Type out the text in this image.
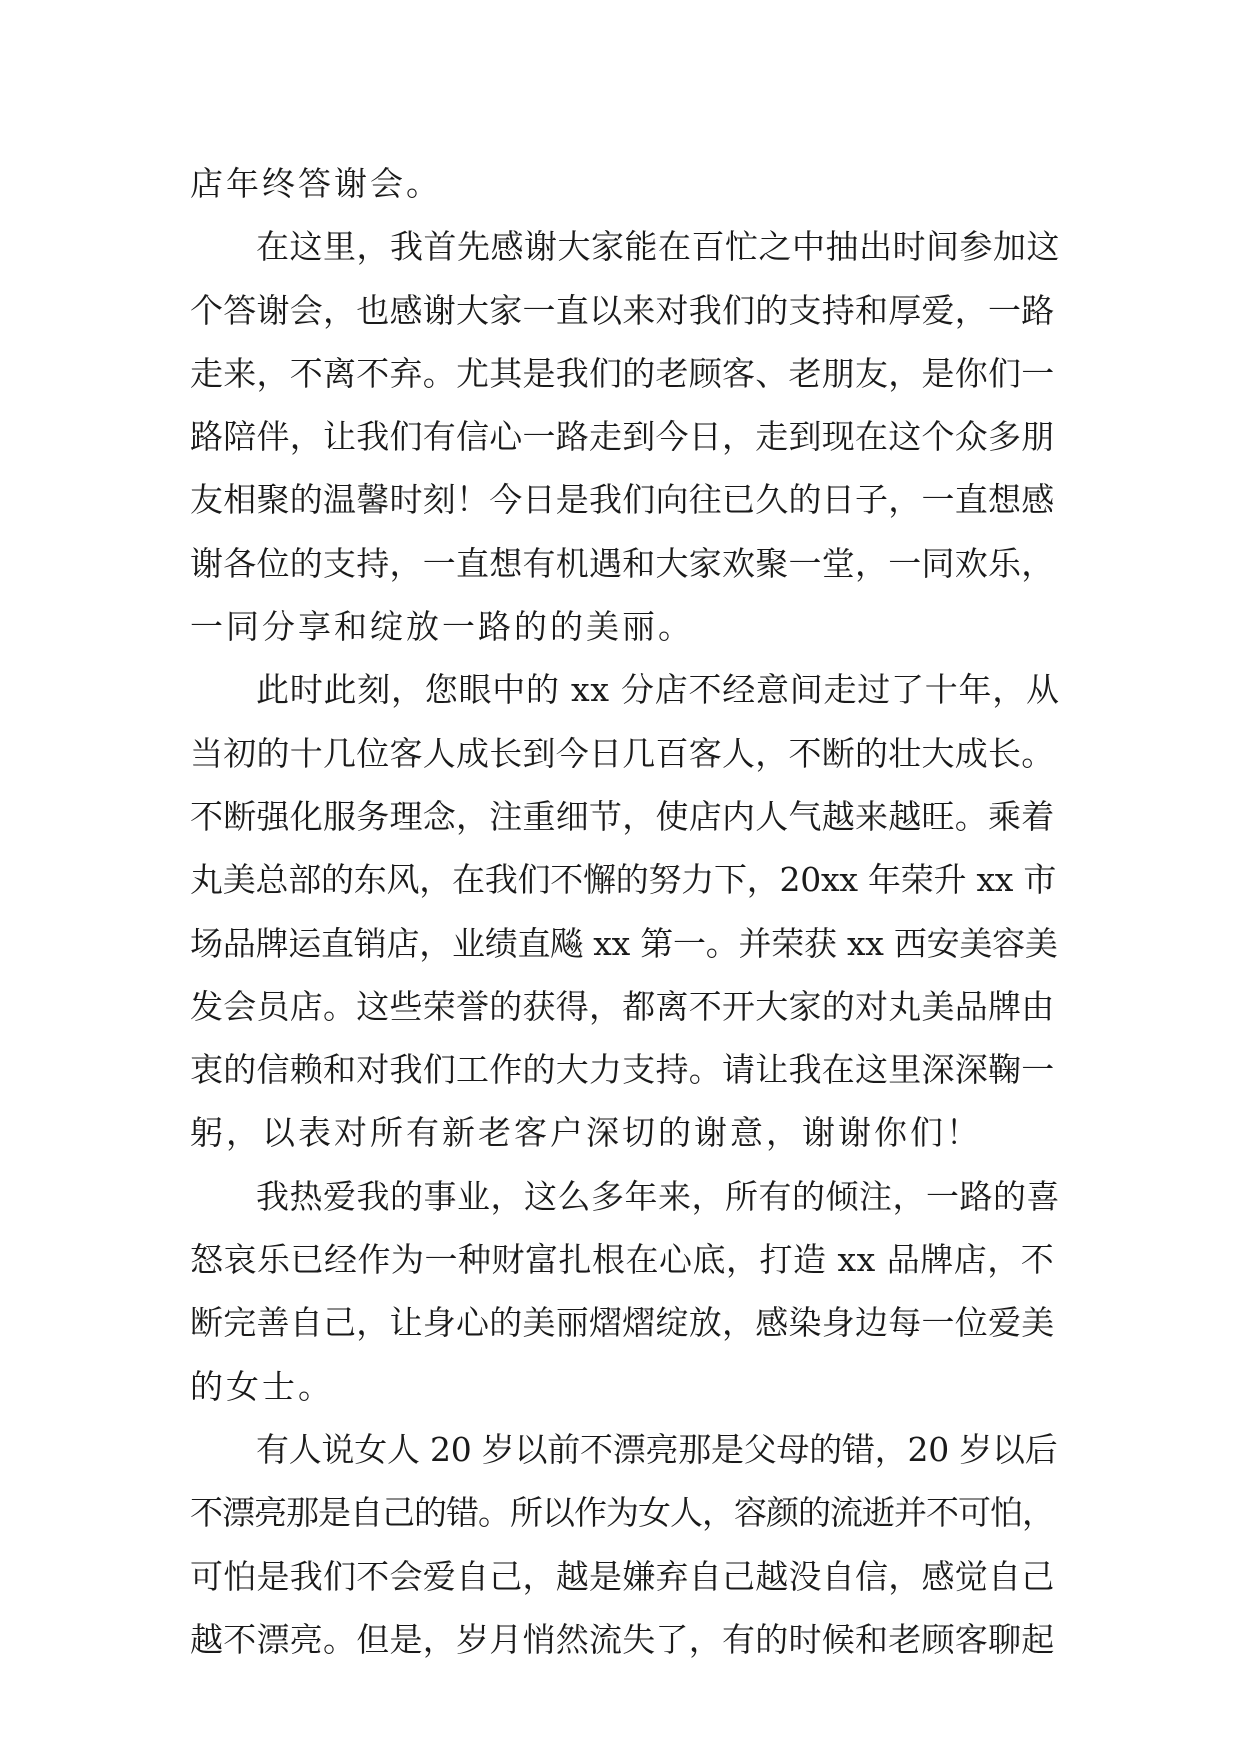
店年终答谢会。
在这里，我首先感谢大家能在百忙之中抽出时间参加这
个答谢会，也感谢大家一直以来对我们的支持和厚爱，一路
走来，不离不弃。尤其是我们的老顾客、老朋友，是你们一
路陪伴，让我们有信心一路走到今日，走到现在这个众多朋
友相聚的温馨时刻！今日是我们向往已久的日子，一直想感
谢各位的支持，一直想有机遇和大家欢聚一堂，一同欢乐，
一同分享和绽放一路的的美丽。
此时此刻，您眼中的 xx 分店不经意间走过了十年，从
当初的十几位客人成长到今日几百客人，不断的壮大成长。
不断强化服务理念，注重细节，使店内人气越来越旺。乘着
丸美总部的东风，在我们不懈的努力下，20xx 年荣升 xx 市
场品牌运直销店，业绩直飚 xx 第一。并荣获 xx 西安美容美
发会员店。这些荣誉的获得，都离不开大家的对丸美品牌由
衷的信赖和对我们工作的大力支持。请让我在这里深深鞠一
躬，以表对所有新老客户深切的谢意，谢谢你们！
我热爱我的事业，这么多年来，所有的倾注，一路的喜
怒哀乐已经作为一种财富扎根在心底，打造 xx 品牌店，不
断完善自己，让身心的美丽熠熠绽放，感染身边每一位爱美
的女士。
有人说女人 20 岁以前不漂亮那是父母的错，20 岁以后
不漂亮那是自己的错。所以作为女人，容颜的流逝并不可怕，
可怕是我们不会爱自己，越是嫌弃自己越没自信，感觉自己
越不漂亮。但是，岁月悄然流失了，有的时候和老顾客聊起
